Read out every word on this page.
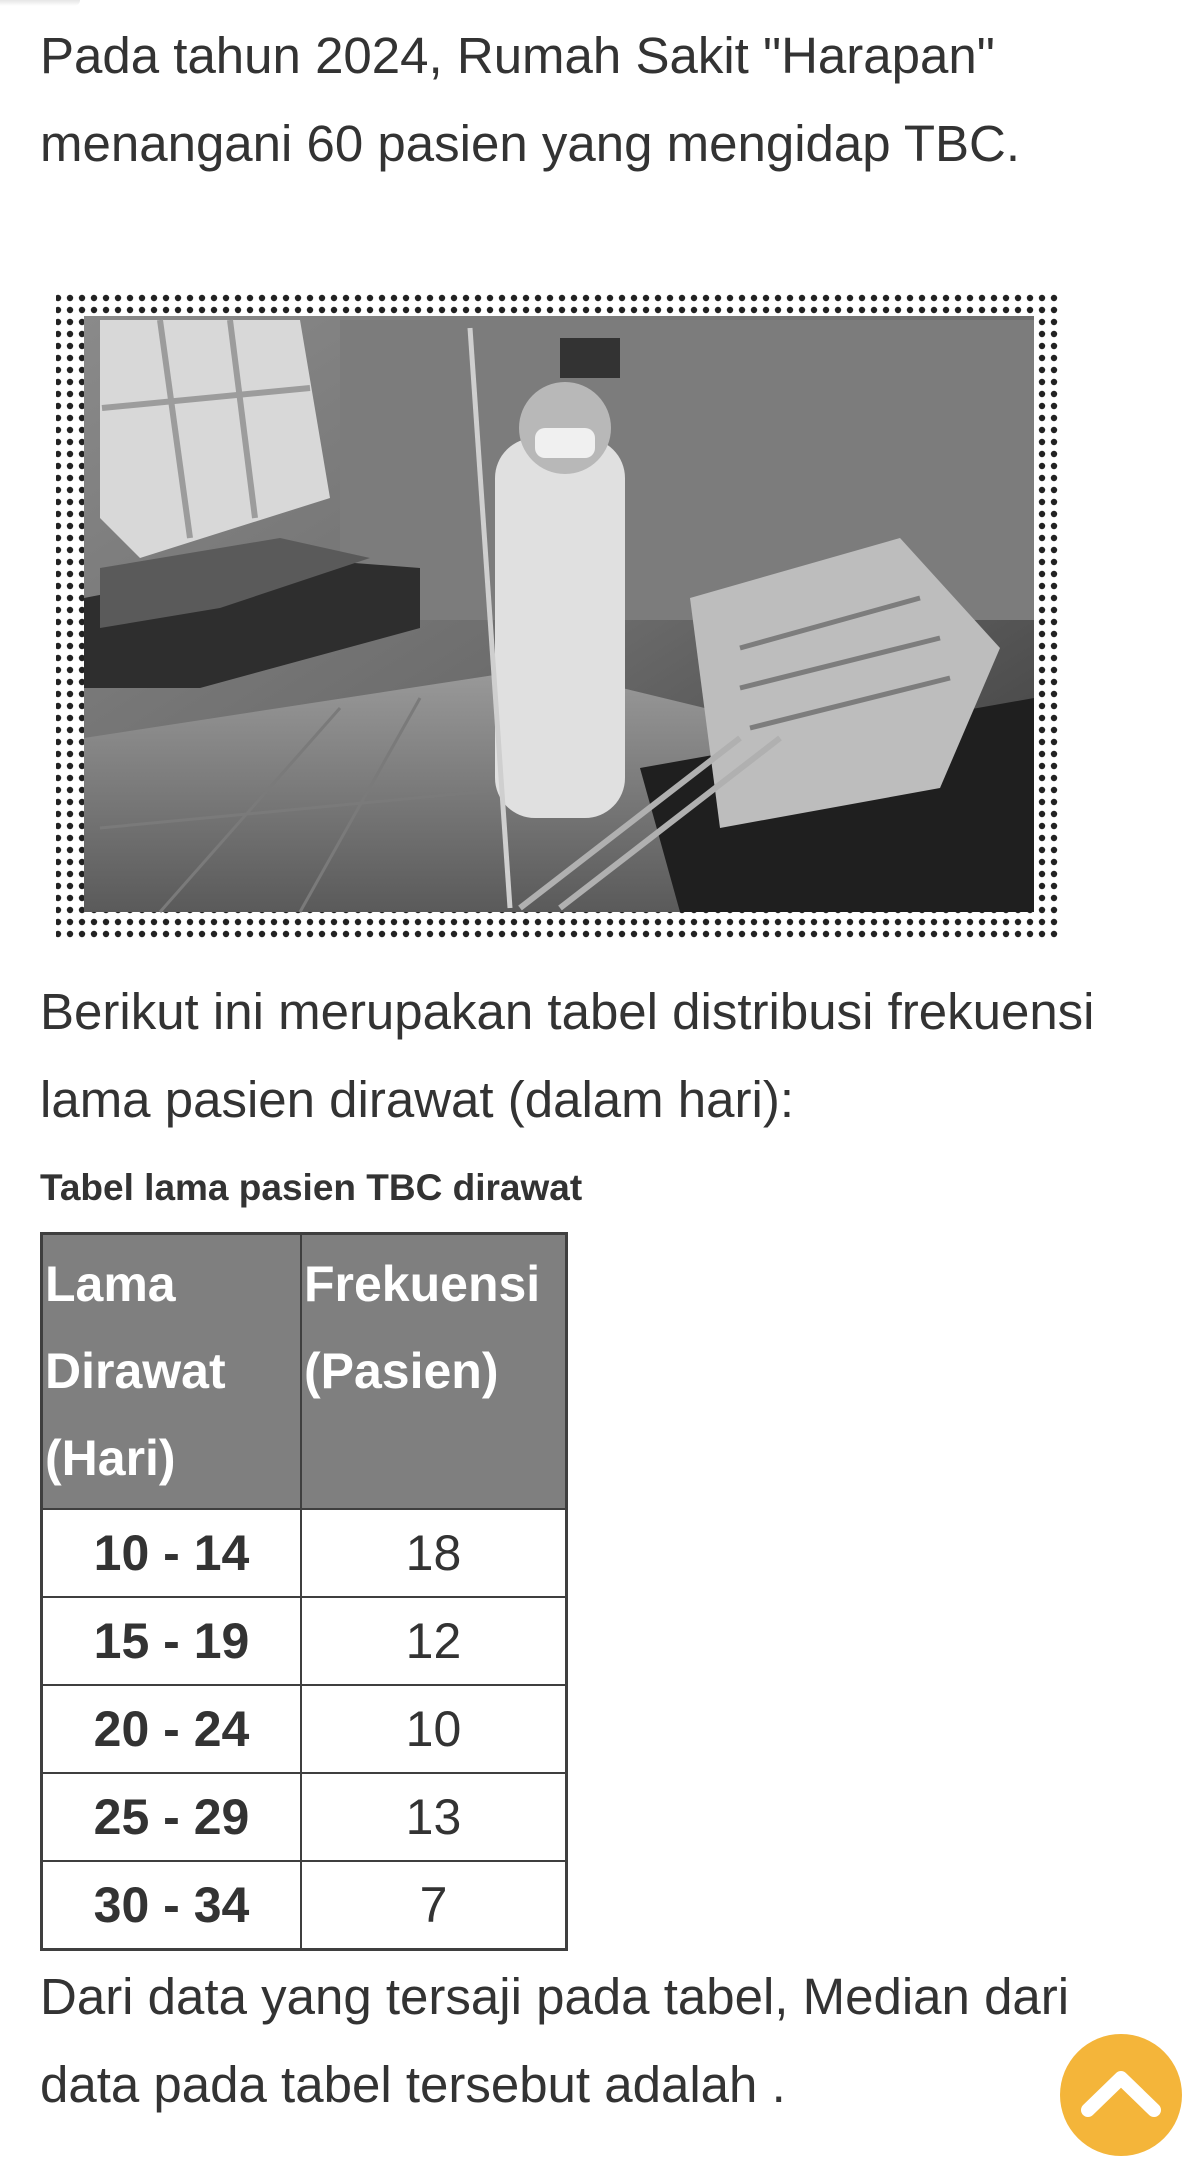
Pada tahun 2024, Rumah Sakit "Harapan" menangani 60 pasien yang mengidap TBC.

Berikut ini merupakan tabel distribusi frekuensi lama pasien dirawat (dalam hari):

Tabel lama pasien TBC dirawat

Lama Dirawat (Hari)	Frekuensi (Pasien)
10 - 14	18
15 - 19	12
20 - 24	10
25 - 29	13
30 - 34	7

Dari data yang tersaji pada tabel, Median dari data pada tabel tersebut adalah .
